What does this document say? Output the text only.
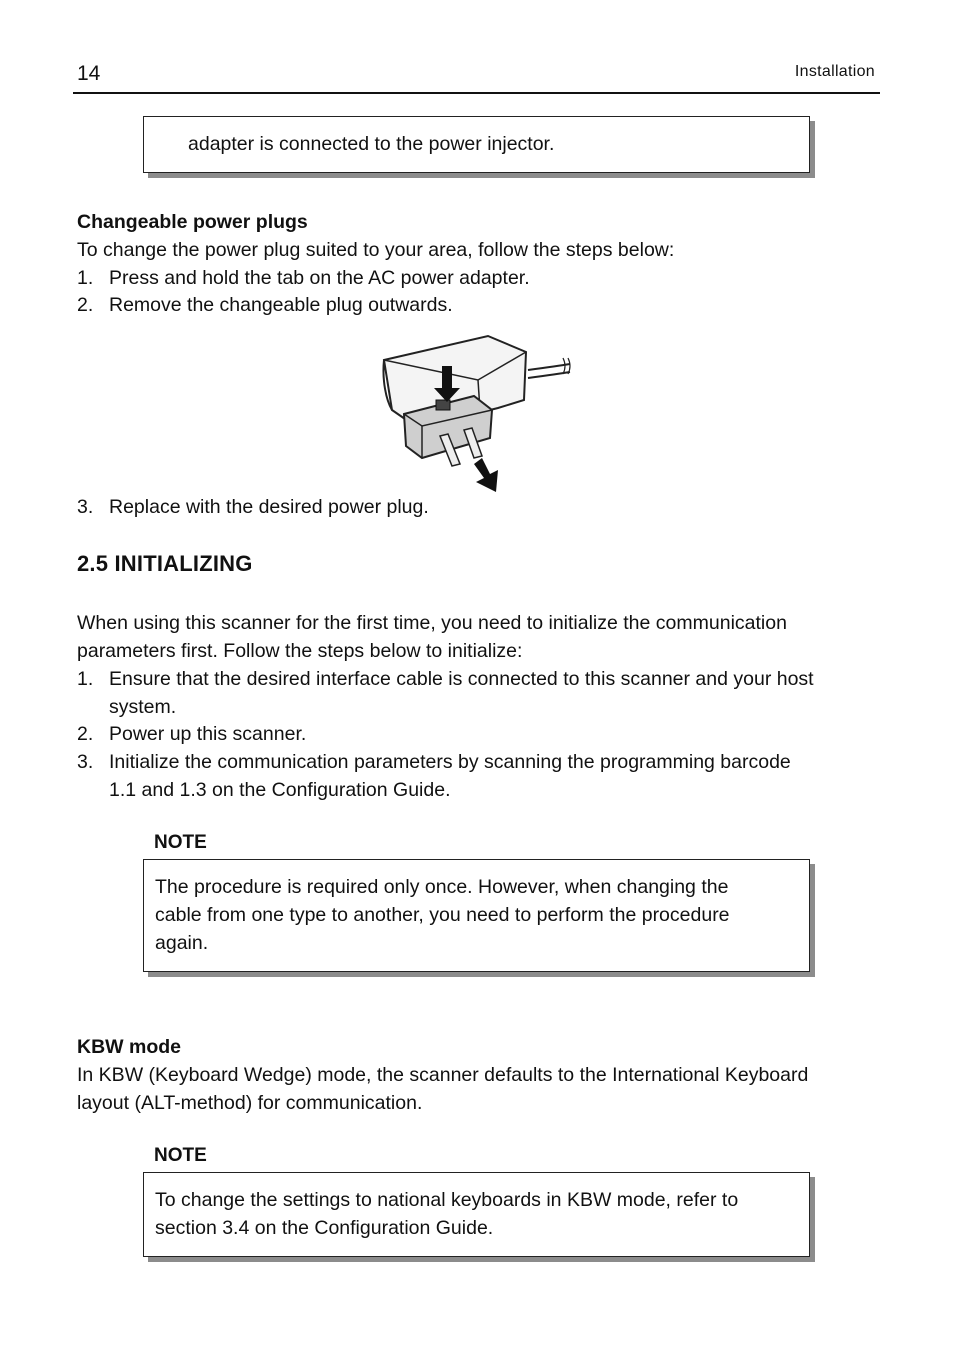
14	Installation
adapter is connected to the power injector.
Changeable power plugs
To change the power plug suited to your area, follow the steps below:
1. Press and hold the tab on the AC power adapter.
2. Remove the changeable plug outwards.
3. Replace with the desired power plug.
2.5 INITIALIZING
When using this scanner for the first time, you need to initialize the communication
parameters first. Follow the steps below to initialize:
1. Ensure that the desired interface cable is connected to this scanner and your host
system.
2. Power up this scanner.
3. Initialize the communication parameters by scanning the programming barcode
1.1 and 1.3 on the Configuration Guide.
NOTE
The procedure is required only once. However, when changing the
cable from one type to another, you need to perform the procedure
again.
KBW mode
In KBW (Keyboard Wedge) mode, the scanner defaults to the International Keyboard
layout (ALT-method) for communication.
NOTE
To change the settings to national keyboards in KBW mode, refer to
section 3.4 on the Configuration Guide.
